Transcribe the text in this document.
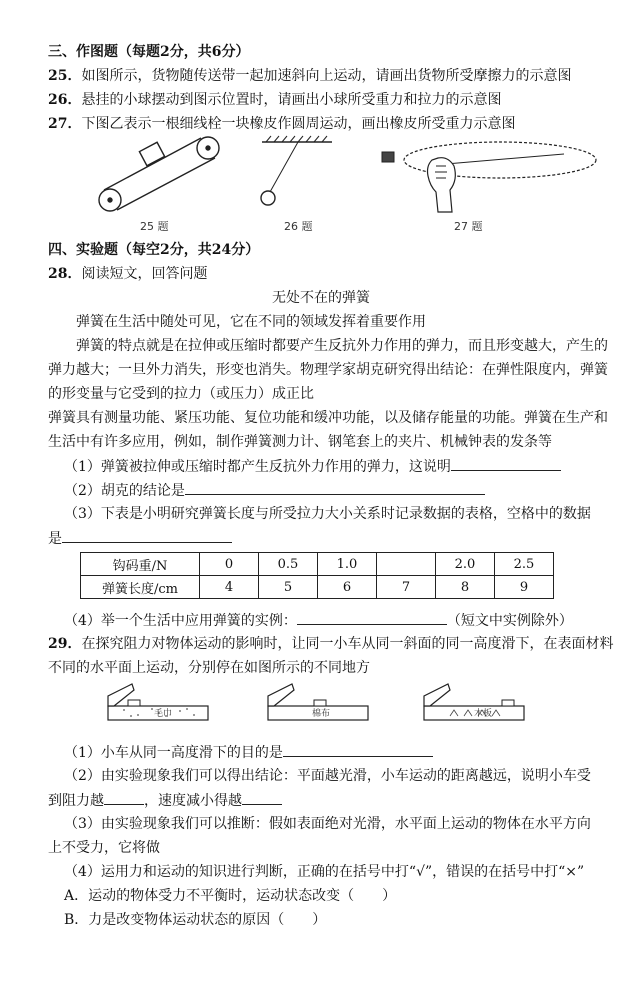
三、作图题（每题2分，共6分）
25．如图所示，货物随传送带一起加速斜向上运动，请画出货物所受摩擦力的示意图
26．悬挂的小球摆动到图示位置时，请画出小球所受重力和拉力的示意图
27．下图乙表示一根细线栓一块橡皮作圆周运动，画出橡皮所受重力示意图
25 题	26 题	27 题
四、实验题（每空2分，共24分）
28．阅读短文，回答问题
无处不在的弹簧
弹簧在生活中随处可见，它在不同的领域发挥着重要作用
弹簧的特点就是在拉伸或压缩时都要产生反抗外力作用的弹力，而且形变越大，产生的
弹力越大；一旦外力消失，形变也消失。物理学家胡克研究得出结论：在弹性限度内，弹簧
的形变量与它受到的拉力（或压力）成正比
弹簧具有测量功能、紧压功能、复位功能和缓冲功能，以及储存能量的功能。弹簧在生产和
生活中有许多应用，例如，制作弹簧测力计、钢笔套上的夹片、机械钟表的发条等
（1）弹簧被拉伸或压缩时都产生反抗外力作用的弹力，这说明
（2）胡克的结论是
（3）下表是小明研究弹簧长度与所受拉力大小关系时记录数据的表格，空格中的数据
是
钩码重/N	0	0.5	1.0		2.0	2.5
弹簧长度/cm	4	5	6	7	8	9
（4）举一个生活中应用弹簧的实例：	（短文中实例除外）
29．在探究阻力对物体运动的影响时，让同一小车从同一斜面的同一高度滑下，在表面材料
不同的水平面上运动，分别停在如图所示的不同地方
毛巾	棉布	木板
（1）小车从同一高度滑下的目的是
（2）由实验现象我们可以得出结论：平面越光滑，小车运动的距离越远，说明小车受
到阻力越	，速度减小得越
（3）由实验现象我们可以推断：假如表面绝对光滑，水平面上运动的物体在水平方向
上不受力，它将做
（4）运用力和运动的知识进行判断，正确的在括号中打“√”，错误的在括号中打“×”
A．运动的物体受力不平衡时，运动状态改变（　　）
B．力是改变物体运动状态的原因（　　）
